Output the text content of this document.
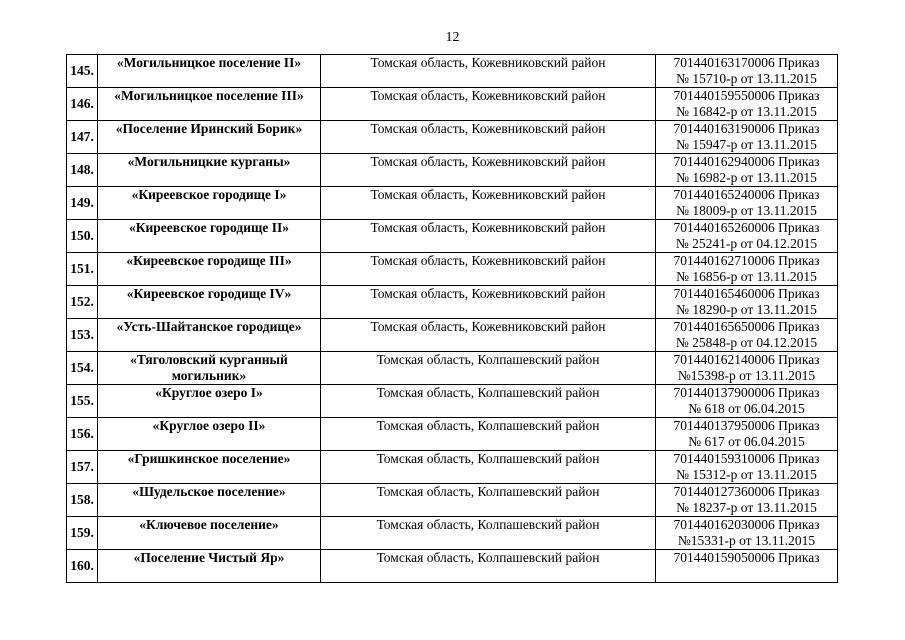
12
145.	«Могильницкое поселение II»	Томская область, Кожевниковский район	701440163170006 Приказ
№ 15710-р от 13.11.2015

146.	«Могильницкое поселение III»	Томская область, Кожевниковский район	701440159550006 Приказ
№ 16842-р от 13.11.2015

147.	«Поселение Иринский Борик»	Томская область, Кожевниковский район	701440163190006 Приказ
№ 15947-р от 13.11.2015

148.	«Могильницкие курганы»	Томская область, Кожевниковский район	701440162940006 Приказ
№ 16982-р от 13.11.2015

149.	«Киреевское городище I»	Томская область, Кожевниковский район	701440165240006 Приказ
№ 18009-р от 13.11.2015

150.	«Киреевское городище II»	Томская область, Кожевниковский район	701440165260006 Приказ
№ 25241-р от 04.12.2015

151.	«Киреевское городище III»	Томская область, Кожевниковский район	701440162710006 Приказ
№ 16856-р от 13.11.2015

152.	«Киреевское городище IV»	Томская область, Кожевниковский район	701440165460006 Приказ
№ 18290-р от 13.11.2015

153.	«Усть-Шайтанское городище»	Томская область, Кожевниковский район	701440165650006 Приказ
№ 25848-р от 04.12.2015

154.	«Тяголовский курганный могильник»	Томская область, Колпашевский район	701440162140006 Приказ
№15398-р от 13.11.2015

155.	«Круглое озеро I»	Томская область, Колпашевский район	701440137900006 Приказ
№ 618 от 06.04.2015

156.	«Круглое озеро II»	Томская область, Колпашевский район	701440137950006 Приказ
№ 617 от 06.04.2015

157.	«Гришкинское поселение»	Томская область, Колпашевский район	701440159310006 Приказ
№ 15312-р от 13.11.2015

158.	«Шудельское поселение»	Томская область, Колпашевский район	701440127360006 Приказ
№ 18237-р от 13.11.2015

159.	«Ключевое поселение»	Томская область, Колпашевский район	701440162030006 Приказ
№15331-р от 13.11.2015

160.	«Поселение Чистый Яр»	Томская область, Колпашевский район	701440159050006 Приказ
